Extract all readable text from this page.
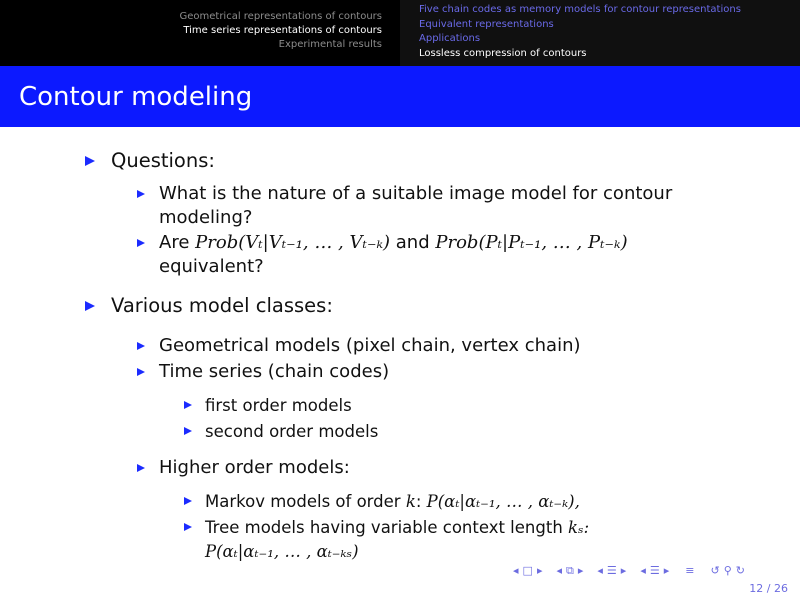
Geometrical representations of contours
Time series representations of contours
Experimental results
Five chain codes as memory models for contour representations
Equivalent representations
Applications
Lossless compression of contours
Contour modeling
Questions:
What is the nature of a suitable image model for contour
modeling?
Are Prob(Vₜ|Vₜ₋₁, … , Vₜ₋ₖ) and Prob(Pₜ|Pₜ₋₁, … , Pₜ₋ₖ)
equivalent?
Various model classes:
Geometrical models (pixel chain, vertex chain)
Time series (chain codes)
first order models
second order models
Higher order models:
Markov models of order k: P(αₜ|αₜ₋₁, … , αₜ₋ₖ),
Tree models having variable context length kₛ:
P(αₜ|αₜ₋₁, … , αₜ₋ₖₛ)
◂ □ ▸ ◂ ⧉ ▸ ◂ ☰ ▸ ◂ ☰ ▸ ≡ ↺ ⚲ ↻
12 / 26
